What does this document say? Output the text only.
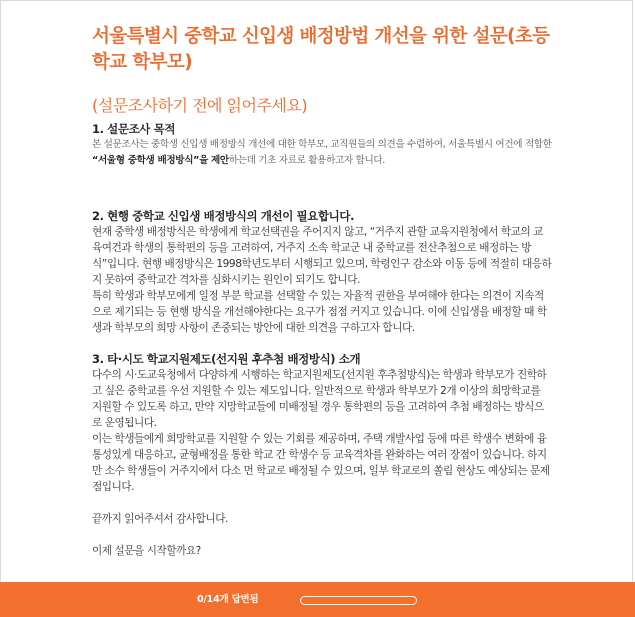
서울특별시 중학교 신입생 배정방법 개선을 위한 설문(초등학교 학부모)
(설문조사하기 전에 읽어주세요)
1. 설문조사 목적

본 설문조사는 중학생 신입생 배정방식 개선에 대한 학부모, 교직원들의 의견을 수렴하여, 서울특별시 여건에 적합한 “서울형 중학생 배정방식”을 제안하는데 기초 자료로 활용하고자 합니다.

2. 현행 중학교 신입생 배정방식의 개선이 필요합니다.

현재 중학생 배정방식은 학생에게 학교선택권을 주어지지 않고, “거주지 관할 교육지원청에서 학교의 교육여건과 학생의 통학편의 등을 고려하여, 거주지 소속 학교군 내 중학교를 전산추첨으로 배정하는 방식”입니다. 현행 배정방식은 1998학년도부터 시행되고 있으며, 학령인구 감소와 이동 등에 적절히 대응하지 못하여 중학교간 격차를 심화시키는 원인이 되기도 합니다.

특히 학생과 학부모에게 일정 부분 학교를 선택할 수 있는 자율적 권한을 부여해야 한다는 의견이 지속적으로 제기되는 등 현행 방식을 개선해야한다는 요구가 점점 커지고 있습니다. 이에 신입생을 배정할 때 학생과 학부모의 희망 사항이 존중되는 방안에 대한 의견을 구하고자 합니다.

3. 타·시도 학교지원제도(선지원 후추첨 배정방식) 소개

다수의 시·도교육청에서 다양하게 시행하는 학교지원제도(선지원 후추첨방식)는 학생과 학부모가 진학하고 싶은 중학교를 우선 지원할 수 있는 제도입니다. 일반적으로 학생과 학부모가 2개 이상의 희망학교를 지원할 수 있도록 하고, 만약 지망학교들에 미배정될 경우 통학편의 등을 고려하여 추첨 배정하는 방식으로 운영됩니다.

이는 학생들에게 희망학교를 지원할 수 있는 기회를 제공하며, 주택 개발사업 등에 따른 학생수 변화에 융통성있게 대응하고, 균형배정을 통한 학교 간 학생수 등 교육격차를 완화하는 여러 장점이 있습니다. 하지만 소수 학생들이 거주지에서 다소 먼 학교로 배정될 수 있으며, 일부 학교로의 쏠림 현상도 예상되는 문제점입니다.

끝까지 읽어주셔서 감사합니다.

이제 설문을 시작할까요?

0/14개 답변됨
